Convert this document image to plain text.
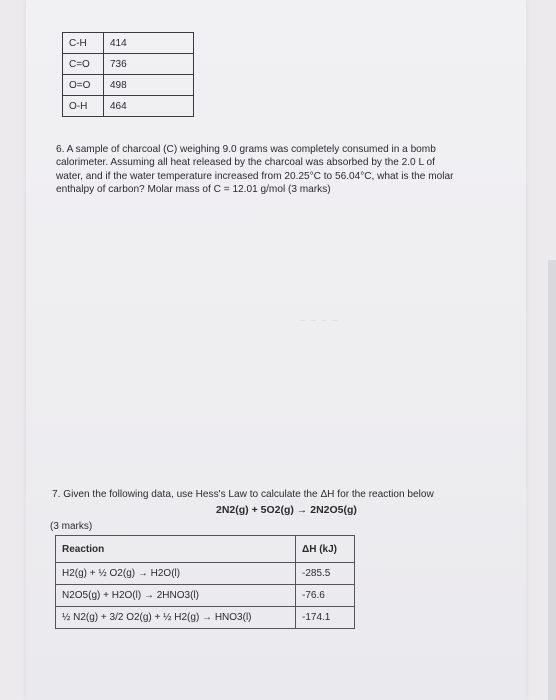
C-H	414
C=O	736
O=O	498
O-H	464
6. A sample of charcoal (C) weighing 9.0 grams was completely consumed in a bomb
calorimeter. Assuming all heat released by the charcoal was absorbed by the 2.0 L of
water, and if the water temperature increased from 20.25°C to 56.04°C, what is the molar
enthalpy of carbon? Molar mass of C = 12.01 g/mol (3 marks)
~ ~ ~ ~
7. Given the following data, use Hess's Law to calculate the ΔH for the reaction below
2N2(g) + 5O2(g) → 2N2O5(g)
(3 marks)
Reaction	ΔH (kJ)
H2(g) + ½ O2(g) → H2O(l)	-285.5
N2O5(g) + H2O(l) → 2HNO3(l)	-76.6
½ N2(g) + 3/2 O2(g) + ½ H2(g) → HNO3(l)	-174.1
